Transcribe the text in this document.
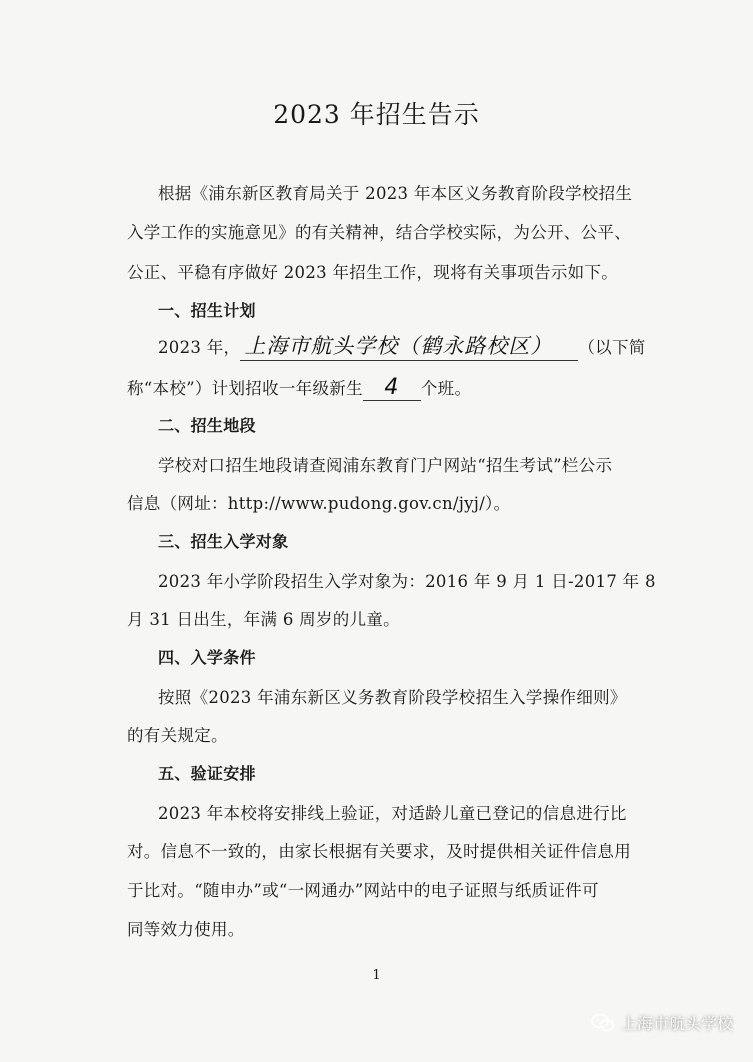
2023 年招生告示
根据《浦东新区教育局关于 2023 年本区义务教育阶段学校招生
入学工作的实施意见》的有关精神，结合学校实际，为公开、公平、
公正、平稳有序做好 2023 年招生工作，现将有关事项告示如下。
一、招生计划
2023 年， 上海市航头学校（鹤永路校区） （以下简
称“本校”）计划招收一年级新生 4 个班。
二、招生地段
学校对口招生地段请查阅浦东教育门户网站“招生考试”栏公示
信息（网址：http://www.pudong.gov.cn/jyj/）。
三、招生入学对象
2023 年小学阶段招生入学对象为：2016 年 9 月 1 日-2017 年 8
月 31 日出生，年满 6 周岁的儿童。
四、入学条件
按照《2023 年浦东新区义务教育阶段学校招生入学操作细则》
的有关规定。
五、验证安排
2023 年本校将安排线上验证，对适龄儿童已登记的信息进行比
对。信息不一致的，由家长根据有关要求，及时提供相关证件信息用
于比对。“随申办”或“一网通办”网站中的电子证照与纸质证件可
同等效力使用。
1
上海市航头学校
